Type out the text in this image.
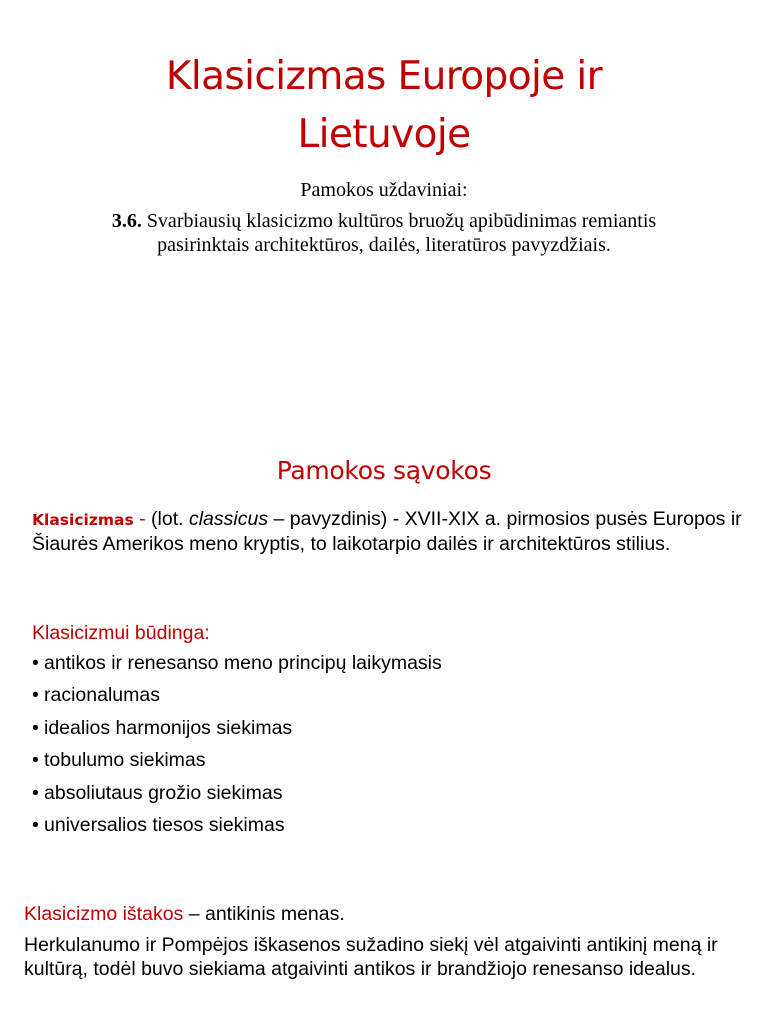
Klasicizmas Europoje ir
Lietuvoje
Pamokos uždaviniai:
3.6. Svarbiausių klasicizmo kultūros bruožų apibūdinimas remiantis pasirinktais architektūros, dailės, literatūros pavyzdžiais.
Pamokos sąvokos
Klasicizmas - (lot. classicus – pavyzdinis) - XVII-XIX a. pirmosios pusės Europos ir Šiaurės Amerikos meno kryptis, to laikotarpio dailės ir architektūros stilius.
Klasicizmui būdinga:
• antikos ir renesanso meno principų laikymasis
• racionalumas
• idealios harmonijos siekimas
• tobulumo siekimas
• absoliutaus grožio siekimas
• universalios tiesos siekimas
Klasicizmo ištakos – antikinis menas.
Herkulanumo ir Pompėjos iškasenos sužadino siekį vėl atgaivinti antikinį meną ir kultūrą, todėl buvo siekiama atgaivinti antikos ir brandžiojo renesanso idealus.
